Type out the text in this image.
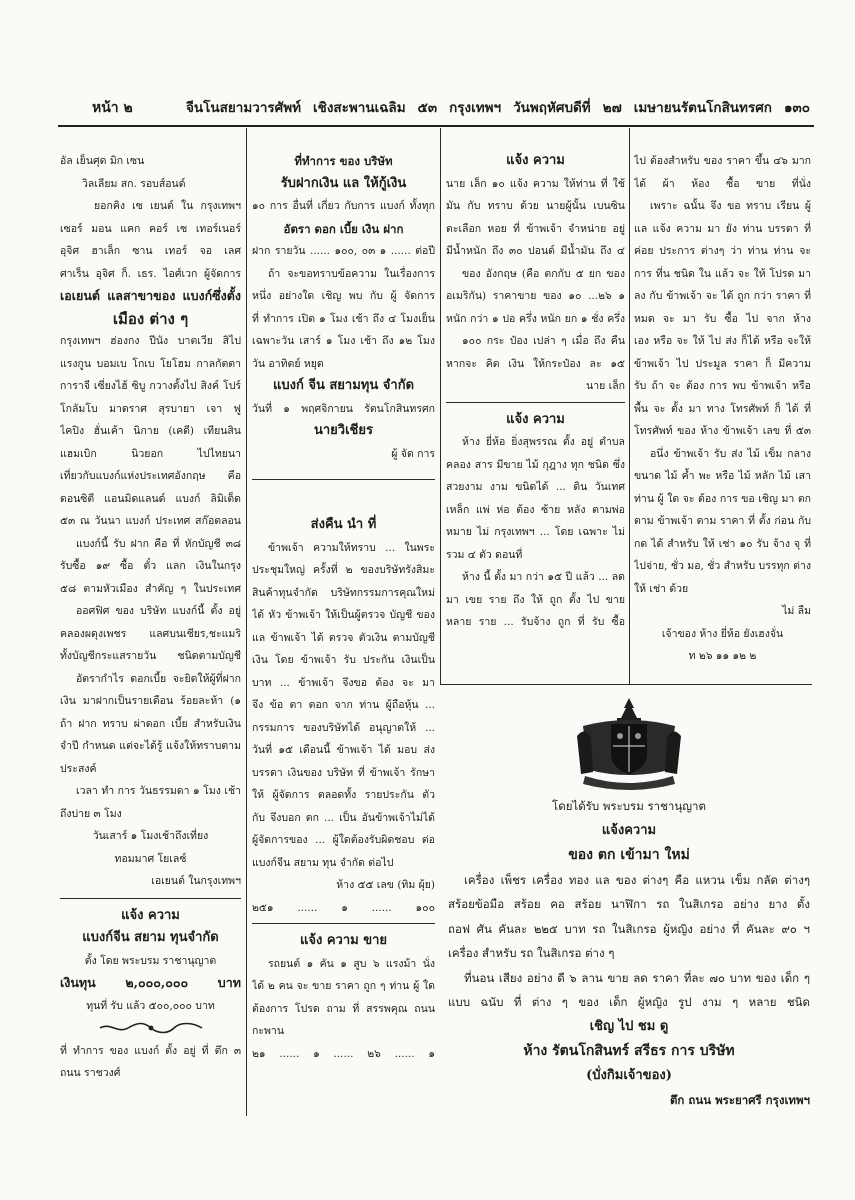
หน้า ๒	จีนโนสยามวารศัพท์ เชิงสะพานเฉลิม ๕๓ กรุงเทพฯ วันพฤหัศบดีที่ ๒๗ เมษายนรัตนโกสินทรศก ๑๓๐
อัล เย็นศุด มิก เซน
วิลเลียม สก. รอบส์อนด์
ยอกคิง เซ เยนต์ ใน กรุงเทพฯ
เซอร์ มอน แคก คอร์ เซ เทอร์เนอร์
อุจิศ ฮาเล็ก ซาน เทอร์ จอ เลศ
ศาเร็น อุจิศ ก็. เธร. ไอศ์เวก ผู้จัดการ
เอเยนต์ แลสาขาของ แบงก์ซึ่งตั้ง
เมือง ต่าง ๆ
กรุงเทพฯ ฮ่องกง ปีนัง บาตเวีย สิไป
แรงกูน บอมเบ โกเบ โยโฮม กาลกัตตา
การาจี เซี่ยงไฮ้ ซิบู กวางตั้งไป สิงค์ โปร์
โกลัมโบ มาดราศ สุรบายา เจา ฟู
ไคปิง ฮั่นเค้า นิกาย (เคดี) เทียนสิน
แฮมเบิก นิวยอก ไปไทยนา
เที่ยวกับแบงก์แห่งประเทศอังกฤษ คือ
ดอนซิตี แอนมิดแลนด์ แบงก์ ลิมิเต็ด
๕๓ ณ วันนา แบงก์ ประเทศ สก๊อตลอน
แบงก์นี้ รับ ฝาก คือ ที่ หักบัญชี ๓๘
รับซื้อ ๑๙ ซื้อ ตั๋ว แลก เงินในกรุง
๕๘ ตามหัวเมือง สำคัญ ๆ ในประเทศ
ออศฟิศ ของ บริษัท แบงก์นี้ ตั้ง อยู่
คลองผดุงเพชร แลศบนเชียร,ชะแมริ
ทั้งบัญชีกระแสรายวัน ชนิดตามบัญชี
อัตรากำไร ดอกเบี้ย จะยิดให้ผู้ที่ฝาก
เงิน มาฝากเป็นรายเดือน ร้อยละห้า (๑
ถ้า ฝาก ทราบ ผ่าดอก เบี้ย สำหรับเงิน
จำปี กำหนด แต่จะได้รู้ แจ้งให้ทราบตาม
ประสงค์
เวลา ทำ การ วันธรรมดา ๑ โมง เช้า
ถึงบ่าย ๓ โมง
วันเสาร์ ๑ โมงเช้าถึงเที่ยง
ทอมมาศ โยเลซ์
เอเยนต์ ในกรุงเทพฯ
แจ้ง ความ
แบงก์จีน สยาม ทุนจำกัด
ตั้ง โดย พระบรม ราชานุญาต
เงินทุน ๒,๐๐๐,๐๐๐ บาท
ทุนที่ รับ แล้ว ๕๐๐,๐๐๐ บาท
ที่ ทำการ ของ แบงก์ ตั้ง อยู่ ที่ ตึก ๓
ถนน ราชวงศ์
ที่ทำการ ของ บริษัท
รับฝากเงิน แล ให้กู้เงิน
๑๐ การ อื่นที่ เกี่ยว กับการ แบงก์ ทั้งทุก
อัตรา ดอก เบี้ย เงิน ฝาก
ฝาก รายวัน ...... ๑๐๐, ๐๓ ๑ ...... ต่อปี
ถ้า จะขอทราบข้อความ ในเรื่องการ
หนึ่ง อย่างใด เชิญ พบ กับ ผู้ จัดการ
ที่ ทำการ เปิด ๑ โมง เช้า ถึง ๔ โมงเย็น
เฉพาะวัน เสาร์ ๑ โมง เช้า ถึง ๑๒ โมง
วัน อาทิตย์ หยุด
แบงก์ จีน สยามทุน จำกัด
วันที่ ๑ พฤศจิกายน รัตนโกสินทรศก
นายวิเชียร
ผู้ จัด การ
ส่งคืน นำ ที่
ข้าพเจ้า ความให้ทราบ ... ในพระ
ประชุมใหญ่ ครั้งที่ ๒ ของบริษัทรังสิมะ
สินค้าทุนจำกัด บริษัทกรรมการคุณใหม่
ได้ หัว ข้าพเจ้า ให้เป็นผู้ตรวจ บัญชี ของ
แล ข้าพเจ้า ได้ ตรวจ ตัวเงิน ตามบัญชี
เงิน โดย ข้าพเจ้า รับ ประกัน เงินเป็น
บาท ... ข้าพเจ้า จึงขอ ต้อง จะ มา
จึง ข้อ ตา ตอก จาก ท่าน ผู้ถือหุ้น ...
กรรมการ ของบริษัทได้ อนุญาตให้ ...
วันที่ ๑๕ เดือนนี้ ข้าพเจ้า ได้ มอบ ส่ง
บรรดา เงินของ บริษัท ที่ ข้าพเจ้า รักษา
ให้ ผู้จัดการ ตลอดทั้ง รายประกัน ตัว
กับ จึงบอก ตก ... เป็น อันข้าพเจ้าไม่ได้
ผู้จัดการของ ... ผู้ใดต้องรับผิดชอบ ต่อ
แบงก์จีน สยาม ทุน จำกัด ต่อไป
ห้าง ๕๕ เลข (ทิม ผุ้ย)
๒๕๑ ...... ๑ ...... ๑๐๐
แจ้ง ความ ขาย
รถยนต์ ๑ คัน ๑ สูบ ๖ แรงม้า นั่ง
ได้ ๒ คน จะ ขาย ราคา ถูก ๆ ท่าน ผู้ ใด
ต้องการ โปรด ถาม ที่ สรรพคุณ ถนน
กะพาน
๒๑ ...... ๑ ...... ๒๖ ...... ๑
แจ้ง ความ
นาย เล็ก ๑๐ แจ้ง ความ ให้ท่าน ที่ ใช้
มัน กับ ทราบ ด้วย นายผู้นั้น เบนซิน
ตะเลือก หอย ที่ ข้าพเจ้า จำหน่าย อยู่
มีน้ำหนัก ถึง ๓๐ ปอนด์ มีน้ำมัน ถึง ๔
ของ อังกฤษ (คือ ตกกับ ๕ ยก ของ
อเมริกัน) ราคาขาย ของ ๑๐ ...๒๖ ๑
หนัก กว่า ๑ ปอ ครึ่ง หนัก ยก ๑ ชั่ง ครึ่ง
๑๐๐ กระ ป๋อง เปล่า ๆ เมื่อ ถึง คืน
หากจะ คิด เงิน ให้กระป๋อง ละ ๑๕
นาย เล็ก
แจ้ง ความ
ห้าง ยี่ห้อ ยิ่งสุพรรณ ตั้ง อยู่ ตำบล
คลอง สาร มีขาย ไม้ กุฎาง ทุก ชนิด ซึ่ง
สวยงาม งาม ขนิดได้ ... ดิน วันเทศ
เหล็ก แพ่ ห่อ ต้อง ซ้าย หลัง ตามพ่อ
หมาย ไม่ กรุงเทพฯ ... โดย เฉพาะ ไม่
รวม ๔ ตัว ดอนที่
ห้าง นี้ ตั้ง มา กว่า ๑๕ ปี แล้ว ... ลด
มา เขย ราย ถึง ให้ ถูก ตั้ง ไป ขาย
หลาย ราย ... รับจ้าง ถูก ที่ รับ ซื้อ
ไป ต้องสำหรับ ของ ราคา ขึ้น ๔๖ มาก
ได้ ผ้า ห้อง ซื้อ ขาย ที่นั่ง
เพราะ ฉนั้น จึง ขอ ทราบ เรียน ผู้
แล แจ้ง ความ มา ยัง ท่าน บรรดา ที่
ค่อย ประการ ต่างๆ ว่า ท่าน ท่าน จะ
การ ที่น ชนิด ใน แล้ว จะ ให้ โปรด มา
ลง กับ ข้าพเจ้า จะ ได้ ถูก กว่า ราคา ที่
หมด จะ มา รับ ซื้อ ไป จาก ห้าง
เอง หรือ จะ ให้ ไป ส่ง ก็ได้ หรือ จะให้
ข้าพเจ้า ไป ประมูล ราคา ก็ มีความ
รับ ถ้า จะ ต้อง การ พบ ข้าพเจ้า หรือ
พื้น จะ ตั้ง มา ทาง โทรศัพท์ ก็ ได้ ที่
โทรศัพท์ ของ ห้าง ข้าพเจ้า เลข ที่ ๕๓
อนึ่ง ข้าพเจ้า รับ ส่ง ไม้ เข็ม กลาง
ขนาด ไม้ ค้ำ พะ หรือ ไม้ หลัก ไม้ เสา
ท่าน ผู้ ใด จะ ต้อง การ ขอ เชิญ มา ตก
ตาม ข้าพเจ้า ตาม ราคา ที่ ตั้ง ก่อน กับ
กด ได้ สำหรับ ให้ เช่า ๑๐ รับ จ้าง จุ ที่
ไปจ่าย, ชั่ว มอ, ชั่ว สำหรับ บรรทุก ต่าง
ให้ เช่า ด้วย
ไม่ ลืม
เจ้าของ ห้าง ยี่ห้อ ยังเฮงจั่น
ท ๒๖ ๑๑ ๑๒ ๒
โดยได้รับ พระบรม ราชานุญาต
แจ้งความ
ของ ตก เข้ามา ใหม่
เครื่อง เพ็ชร เครื่อง ทอง แล ของ ต่างๆ คือ แหวน เข็ม กลัด ต่างๆ
สร้อยข้อมือ สร้อย คอ สร้อย นาฬิกา รถ ในสิเกรอ อย่าง ยาง ตั้ง
ถอฟ ศัน คันละ ๒๒๕ บาท รถ ในสิเกรอ ผู้หญิง อย่าง ที่ คันละ ๙๐ ฯ
เครื่อง สำหรับ รถ ในสิเกรอ ต่าง ๆ
ที่นอน เสียง อย่าง ดี ๖ ลาน ขาย ลด ราคา ที่ละ ๗๐ บาท ของ เด็ก ๆ
แบบ ฉนับ ที่ ต่าง ๆ ของ เด็ก ผู้หญิง รูป งาม ๆ หลาย ชนิด
เชิญ ไป ชม ดู
ห้าง รัตนโกสินทร์ สรีธร การ บริษัท
(บั่งกิมเจ้าของ)
ตึก ถนน พระยาศรี กรุงเทพฯ
